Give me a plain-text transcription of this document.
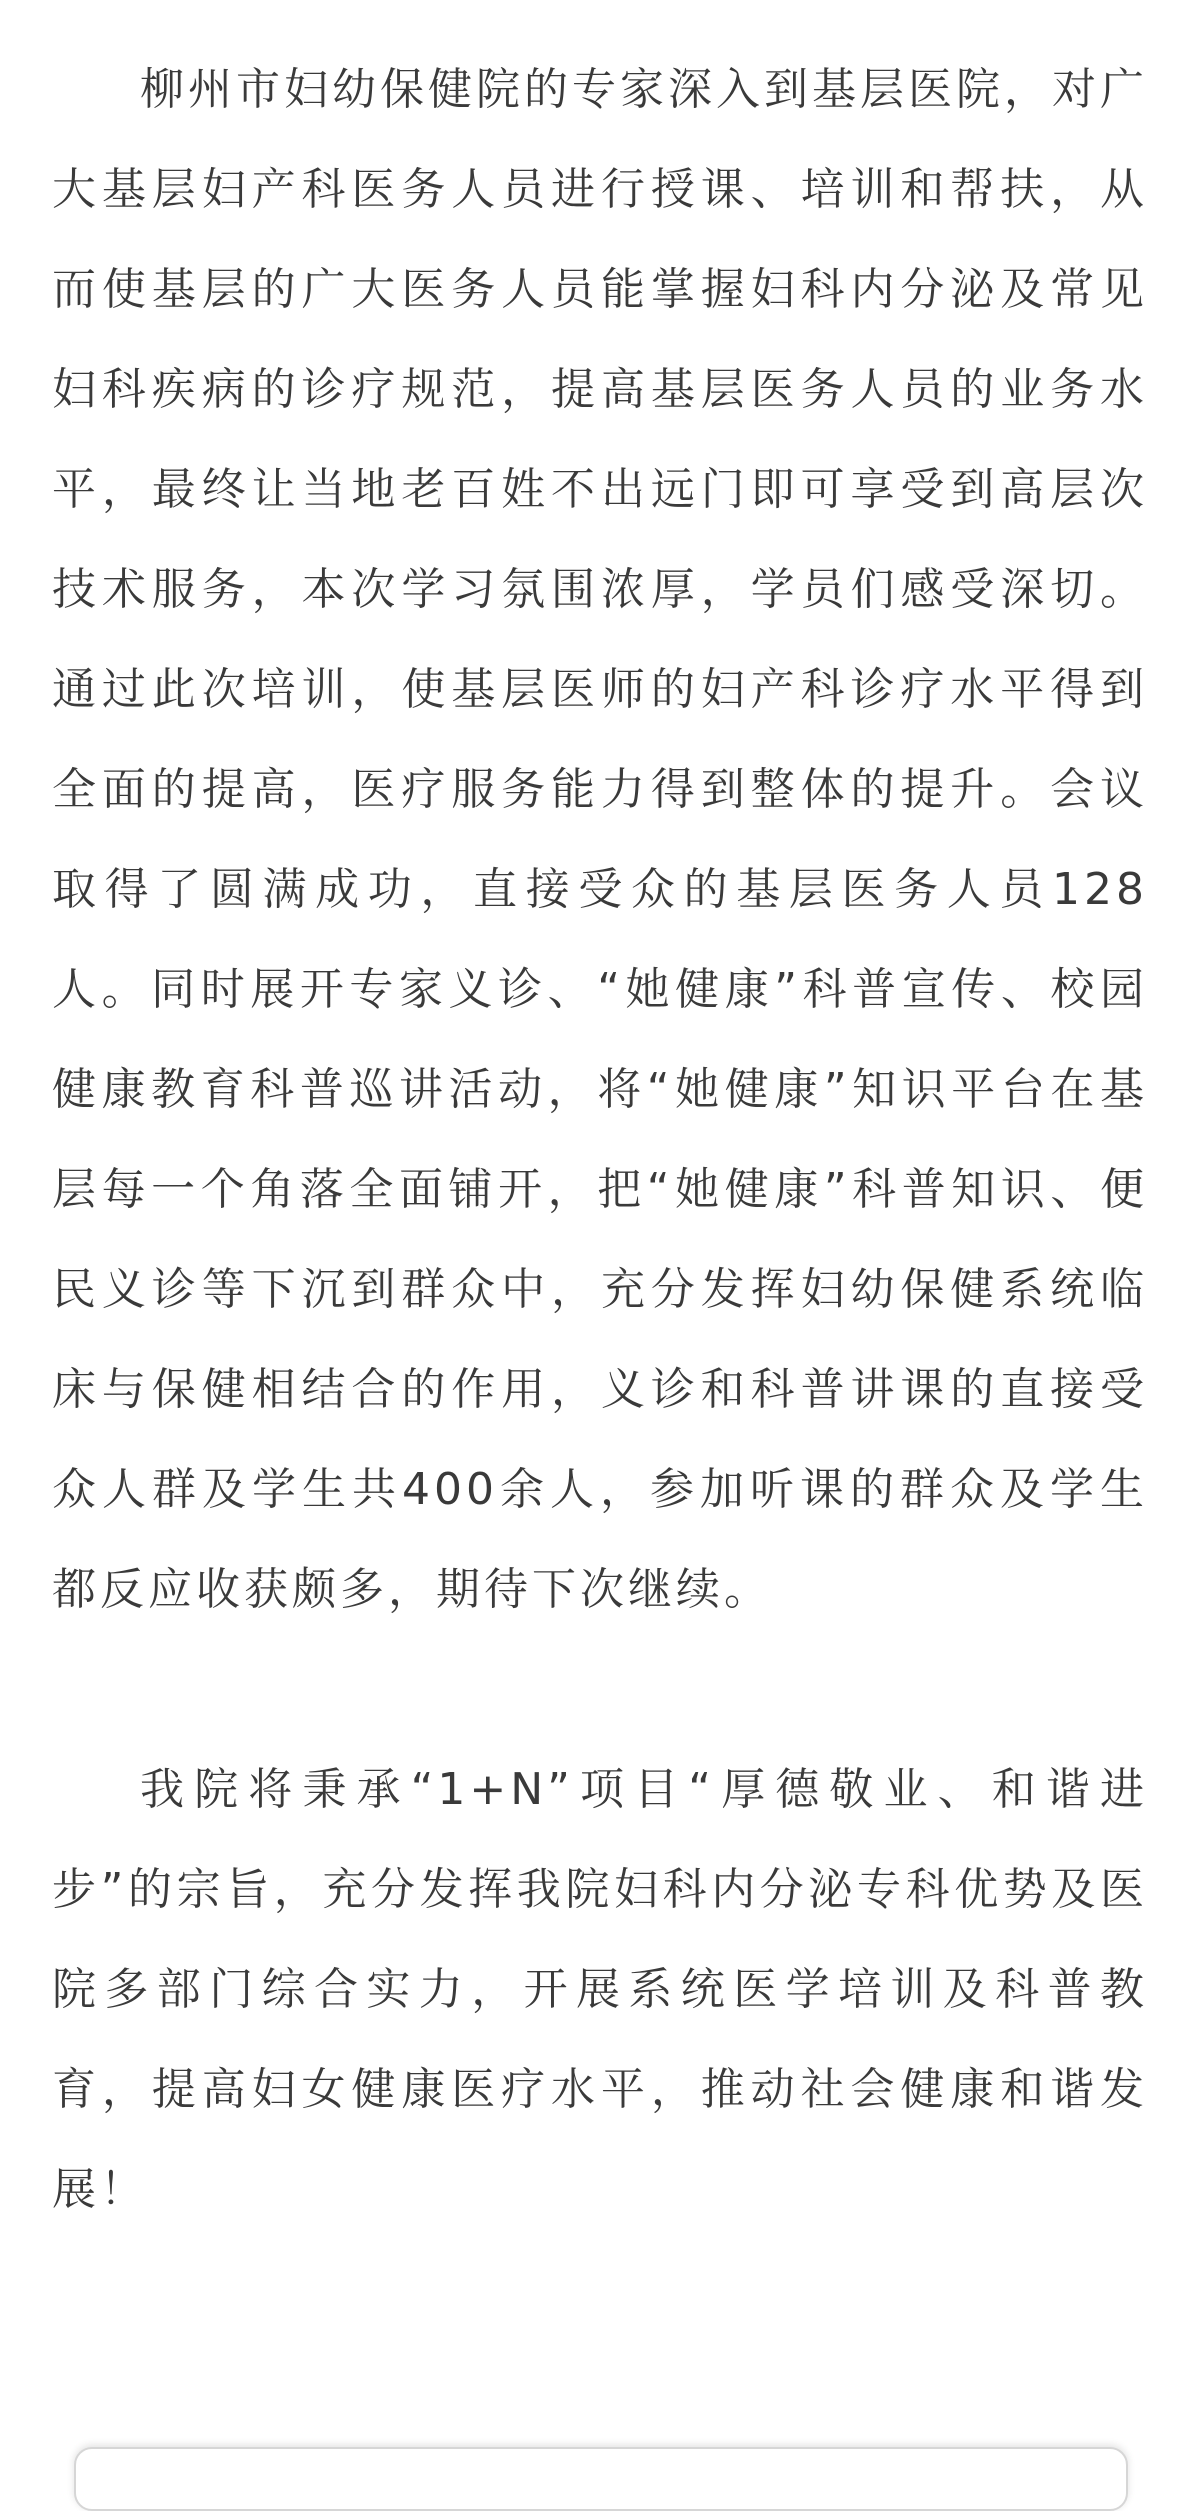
柳州市妇幼保健院的专家深入到基层医院，对广大基层妇产科医务人员进行授课、培训和帮扶，从而使基层的广大医务人员能掌握妇科内分泌及常见妇科疾病的诊疗规范，提高基层医务人员的业务水平，最终让当地老百姓不出远门即可享受到高层次技术服务，本次学习氛围浓厚，学员们感受深切。通过此次培训，使基层医师的妇产科诊疗水平得到全面的提高，医疗服务能力得到整体的提升。会议取得了圆满成功，直接受众的基层医务人员128人。同时展开专家义诊、“她健康”科普宣传、校园健康教育科普巡讲活动，将“她健康”知识平台在基层每一个角落全面铺开，把“她健康”科普知识、便民义诊等下沉到群众中，充分发挥妇幼保健系统临床与保健相结合的作用，义诊和科普讲课的直接受众人群及学生共400余人，参加听课的群众及学生都反应收获颇多，期待下次继续。

我院将秉承“1+N”项目“厚德敬业、和谐进步”的宗旨，充分发挥我院妇科内分泌专科优势及医院多部门综合实力，开展系统医学培训及科普教育，提高妇女健康医疗水平，推动社会健康和谐发展！
